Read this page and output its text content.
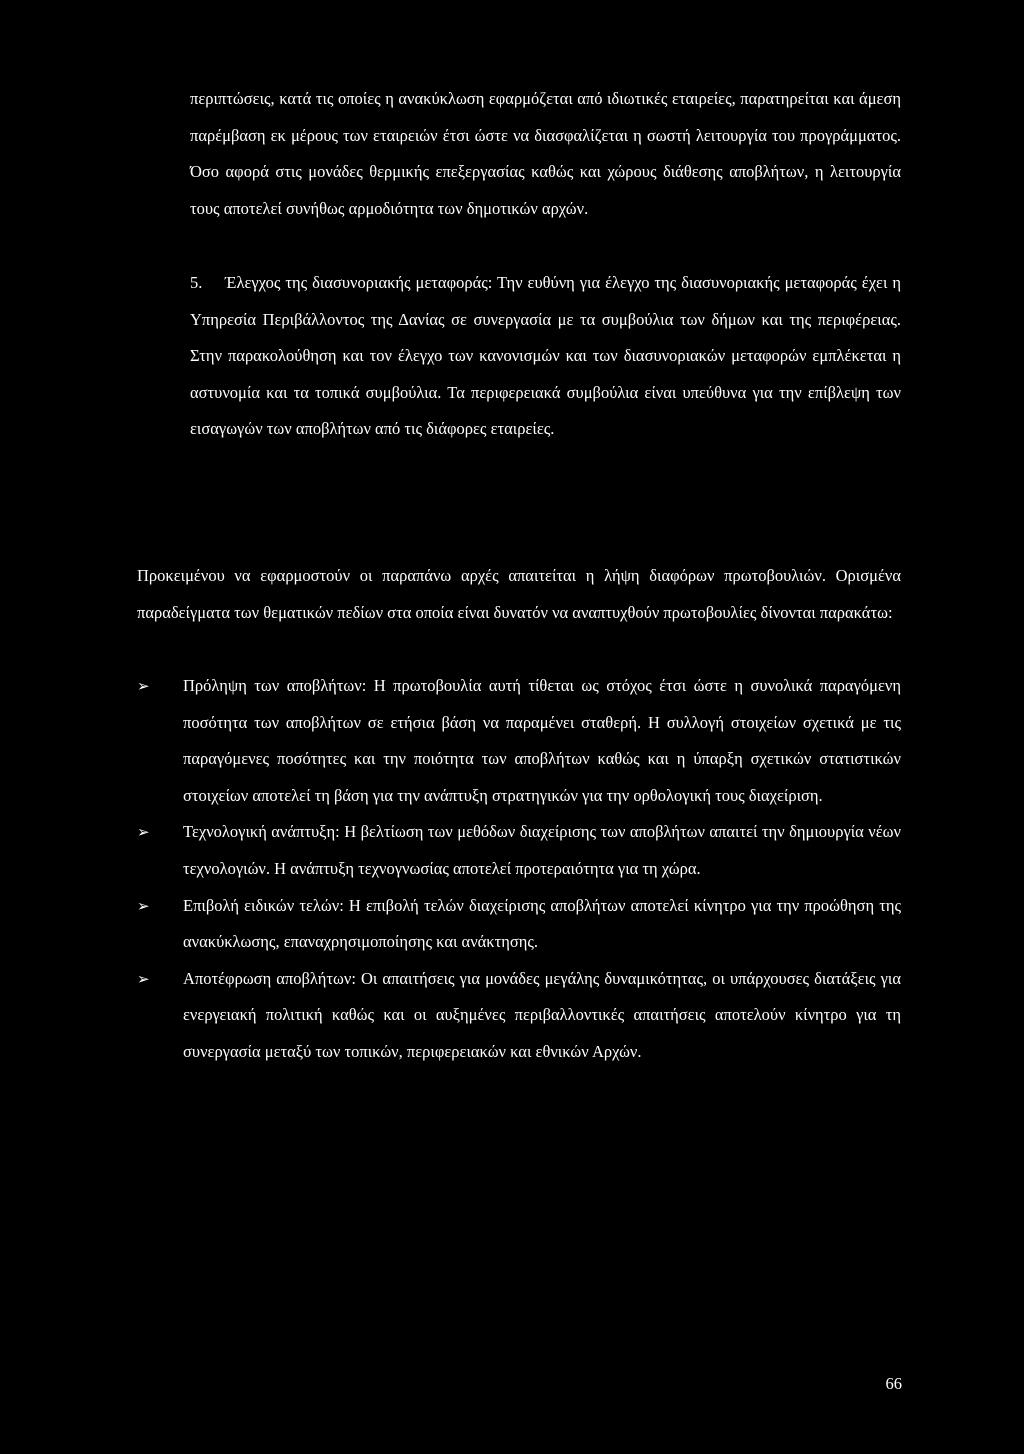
περιπτώσεις, κατά τις οποίες η ανακύκλωση εφαρμόζεται από ιδιωτικές εταιρείες, παρατηρείται και άμεση παρέμβαση εκ μέρους των εταιρειών έτσι ώστε να διασφαλίζεται η σωστή λειτουργία του προγράμματος. Όσο αφορά στις μονάδες θερμικής επεξεργασίας καθώς και χώρους διάθεσης αποβλήτων, η λειτουργία τους αποτελεί συνήθως αρμοδιότητα των δημοτικών αρχών.

5. Έλεγχος της διασυνοριακής μεταφοράς: Την ευθύνη για έλεγχο της διασυνοριακής μεταφοράς έχει η Υπηρεσία Περιβάλλοντος της Δανίας σε συνεργασία με τα συμβούλια των δήμων και της περιφέρειας. Στην παρακολούθηση και τον έλεγχο των κανονισμών και των διασυνοριακών μεταφορών εμπλέκεται η αστυνομία και τα τοπικά συμβούλια. Τα περιφερειακά συμβούλια είναι υπεύθυνα για την επίβλεψη των εισαγωγών των αποβλήτων από τις διάφορες εταιρείες.

Προκειμένου να εφαρμοστούν οι παραπάνω αρχές απαιτείται η λήψη διαφόρων πρωτοβουλιών. Ορισμένα παραδείγματα των θεματικών πεδίων στα οποία είναι δυνατόν να αναπτυχθούν πρωτοβουλίες δίνονται παρακάτω:

➢	Πρόληψη των αποβλήτων: Η πρωτοβουλία αυτή τίθεται ως στόχος έτσι ώστε η συνολικά παραγόμενη ποσότητα των αποβλήτων σε ετήσια βάση να παραμένει σταθερή. Η συλλογή στοιχείων σχετικά με τις παραγόμενες ποσότητες και την ποιότητα των αποβλήτων καθώς και η ύπαρξη σχετικών στατιστικών στοιχείων αποτελεί τη βάση για την ανάπτυξη στρατηγικών για την ορθολογική τους διαχείριση.
➢	Τεχνολογική ανάπτυξη: Η βελτίωση των μεθόδων διαχείρισης των αποβλήτων απαιτεί την δημιουργία νέων τεχνολογιών. Η ανάπτυξη τεχνογνωσίας αποτελεί προτεραιότητα για τη χώρα.
➢	Επιβολή ειδικών τελών: Η επιβολή τελών διαχείρισης αποβλήτων αποτελεί κίνητρο για την προώθηση της ανακύκλωσης, επαναχρησιμοποίησης και ανάκτησης.
➢	Αποτέφρωση αποβλήτων: Οι απαιτήσεις για μονάδες μεγάλης δυναμικότητας, οι υπάρχουσες διατάξεις για ενεργειακή πολιτική καθώς και οι αυξημένες περιβαλλοντικές απαιτήσεις αποτελούν κίνητρο για τη συνεργασία μεταξύ των τοπικών, περιφερειακών και εθνικών Αρχών.
66
